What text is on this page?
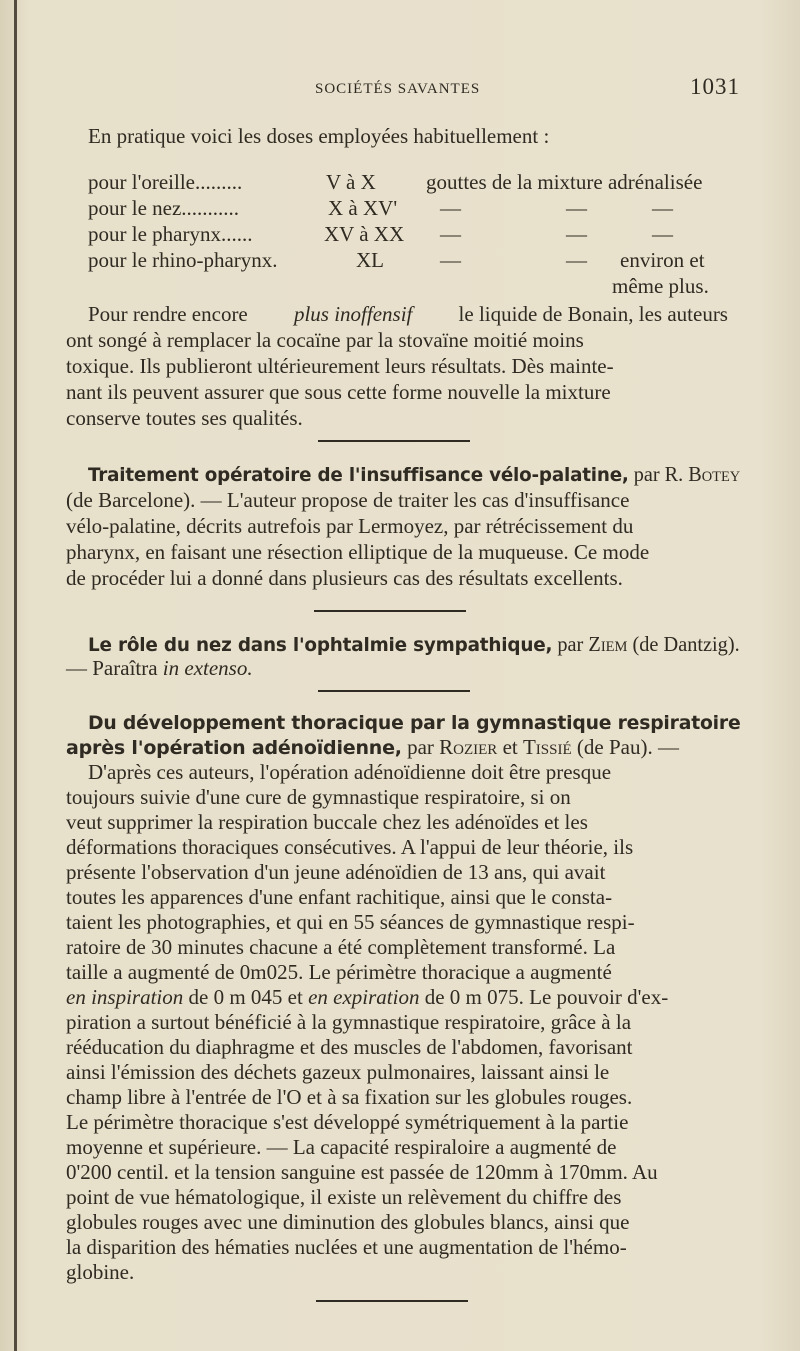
SOCIÉTÉS SAVANTES	1031
En pratique voici les doses employées habituellement :
pour l'oreille.........	V à X gouttes de la mixture adrénalisée
pour le nez...........	X à XV' —	—	—
pour le pharynx......	XV à XX —	—	—
pour le rhino-pharynx.	XL	—	— environ et
même plus.
Pour rendre encore plus inoffensif le liquide de Bonain, les auteurs
ont songé à remplacer la cocaïne par la stovaïne moitié moins
toxique. Ils publieront ultérieurement leurs résultats. Dès mainte-
nant ils peuvent assurer que sous cette forme nouvelle la mixture
conserve toutes ses qualités.
Traitement opératoire de l'insuffisance vélo-palatine, par R. Botey
(de Barcelone). — L'auteur propose de traiter les cas d'insuffisance
vélo-palatine, décrits autrefois par Lermoyez, par rétrécissement du
pharynx, en faisant une résection elliptique de la muqueuse. Ce mode
de procéder lui a donné dans plusieurs cas des résultats excellents.
Le rôle du nez dans l'ophtalmie sympathique, par Ziem (de Dantzig).
— Paraîtra in extenso.
Du développement thoracique par la gymnastique respiratoire
après l'opération adénoïdienne, par Rozier et Tissié (de Pau). —
D'après ces auteurs, l'opération adénoïdienne doit être presque
toujours suivie d'une cure de gymnastique respiratoire, si on
veut supprimer la respiration buccale chez les adénoïdes et les
déformations thoraciques consécutives. A l'appui de leur théorie, ils
présente l'observation d'un jeune adénoïdien de 13 ans, qui avait
toutes les apparences d'une enfant rachitique, ainsi que le consta-
taient les photographies, et qui en 55 séances de gymnastique respi-
ratoire de 30 minutes chacune a été complètement transformé. La
taille a augmenté de 0m025. Le périmètre thoracique a augmenté
en inspiration de 0 m 045 et en expiration de 0 m 075. Le pouvoir d'ex-
piration a surtout bénéficié à la gymnastique respiratoire, grâce à la
rééducation du diaphragme et des muscles de l'abdomen, favorisant
ainsi l'émission des déchets gazeux pulmonaires, laissant ainsi le
champ libre à l'entrée de l'O et à sa fixation sur les globules rouges.
Le périmètre thoracique s'est développé symétriquement à la partie
moyenne et supérieure. — La capacité respiraloire a augmenté de
0'200 centil. et la tension sanguine est passée de 120mm à 170mm. Au
point de vue hématologique, il existe un relèvement du chiffre des
globules rouges avec une diminution des globules blancs, ainsi que
la disparition des hématies nuclées et une augmentation de l'hémo-
globine.
